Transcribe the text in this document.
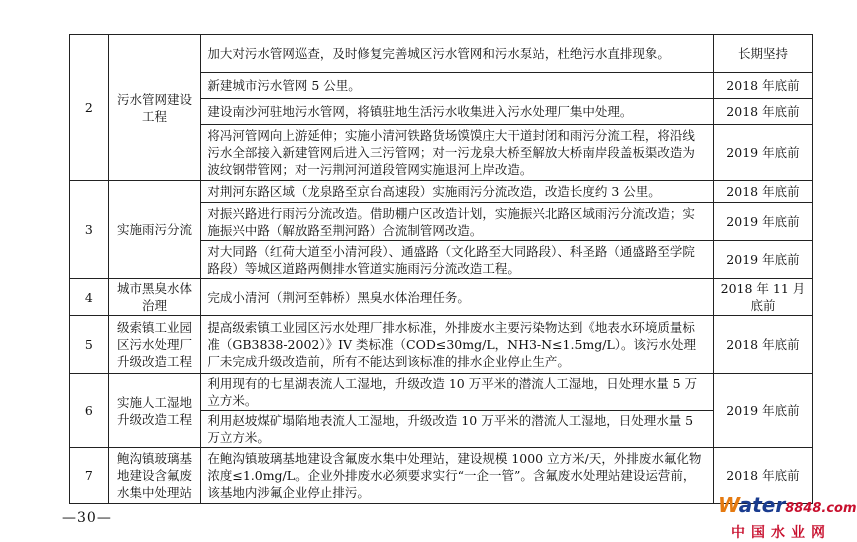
2	污水管网建设工程	加大对污水管网巡查，及时修复完善城区污水管网和污水泵站，杜绝污水直排现象。	长期坚持
		新建城市污水管网 5 公里。	2018 年底前
		建设南沙河驻地污水管网，将镇驻地生活污水收集进入污水处理厂集中处理。	2018 年底前
		将冯河管网向上游延伸；实施小清河铁路货场馍馍庄大干道封闭和雨污分流工程，将沿线污水全部接入新建管网后进入三污管网；对一污龙泉大桥至解放大桥南岸段盖板渠改造为波纹钢带管网；对一污荆河河道段管网实施退河上岸改造。	2019 年底前
3	实施雨污分流	对荆河东路区域（龙泉路至京台高速段）实施雨污分流改造，改造长度约 3 公里。	2018 年底前
		对振兴路进行雨污分流改造。借助棚户区改造计划，实施振兴北路区域雨污分流改造；实施振兴中路（解放路至荆河路）合流制管网改造。	2019 年底前
		对大同路（红荷大道至小清河段）、通盛路（文化路至大同路段）、科圣路（通盛路至学院路段）等城区道路两侧排水管道实施雨污分流改造工程。	2019 年底前
4	城市黑臭水体治理	完成小清河（荆河至韩桥）黑臭水体治理任务。	2018 年 11 月底前
5	级索镇工业园区污水处理厂升级改造工程	提高级索镇工业园区污水处理厂排水标准，外排废水主要污染物达到《地表水环境质量标准（GB3838-2002）》IV 类标准（COD≤30mg/L，NH3-N≤1.5mg/L）。该污水处理厂未完成升级改造前，所有不能达到该标准的排水企业停止生产。	2018 年底前
6	实施人工湿地升级改造工程	利用现有的七星湖表流人工湿地，升级改造 10 万平米的潜流人工湿地，日处理水量 5 万立方米。	2019 年底前
		利用赵坡煤矿塌陷地表流人工湿地，升级改造 10 万平米的潜流人工湿地，日处理水量 5 万立方米。	
7	鲍沟镇玻璃基地建设含氟废水集中处理站	在鲍沟镇玻璃基地建设含氟废水集中处理站，建设规模 1000 立方米/天，外排废水氟化物浓度≤1.0mg/L。企业外排废水必须要求实行“一企一管”。含氟废水处理站建设运营前，该基地内涉氟企业停止排污。	2018 年底前
—30—
Water8848.com
中国水业网
